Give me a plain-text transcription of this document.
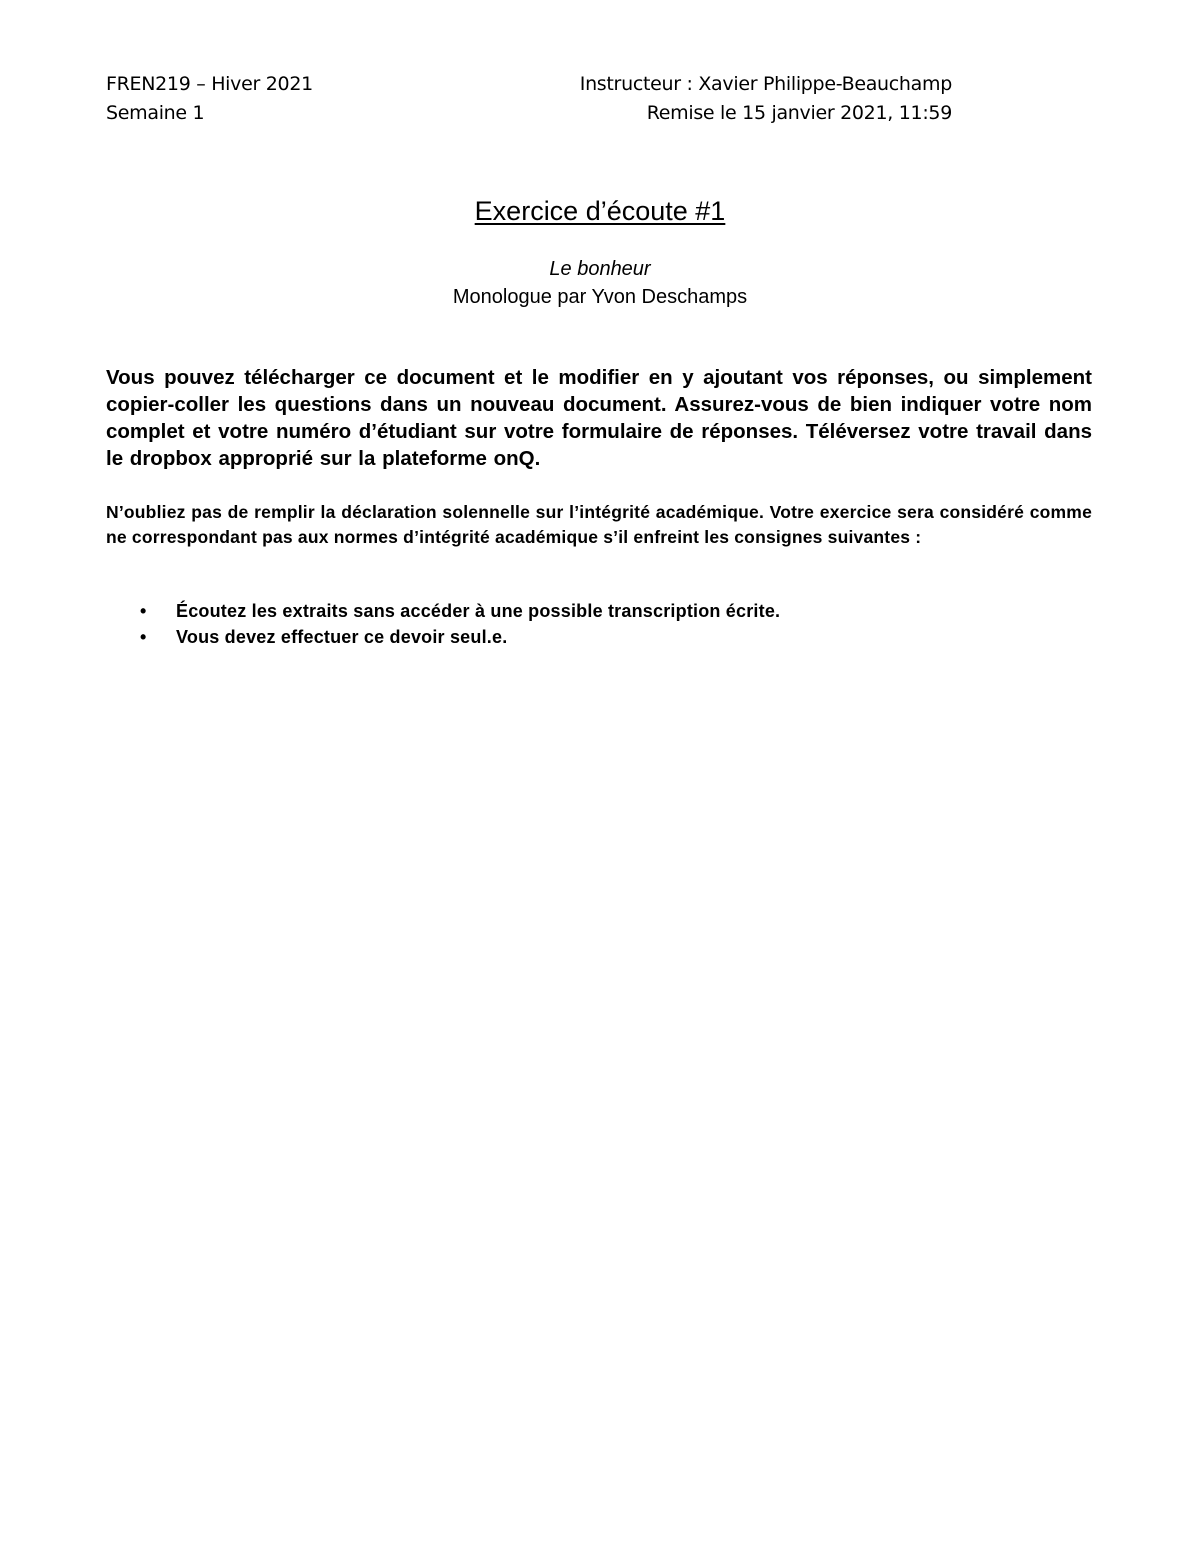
FREN219 – Hiver 2021
Semaine 1
Instructeur : Xavier Philippe-Beauchamp
Remise le 15 janvier 2021, 11:59
Exercice d’écoute #1
Le bonheur
Monologue par Yvon Deschamps
Vous pouvez télécharger ce document et le modifier en y ajoutant vos réponses, ou simplement copier-coller les questions dans un nouveau document. Assurez-vous de bien indiquer votre nom complet et votre numéro d’étudiant sur votre formulaire de réponses. Téléversez votre travail dans le dropbox approprié sur la plateforme onQ.
N’oubliez pas de remplir la déclaration solennelle sur l’intégrité académique. Votre exercice sera considéré comme ne correspondant pas aux normes d’intégrité académique s’il enfreint les consignes suivantes :
•	Écoutez les extraits sans accéder à une possible transcription écrite.
•	Vous devez effectuer ce devoir seul.e.
